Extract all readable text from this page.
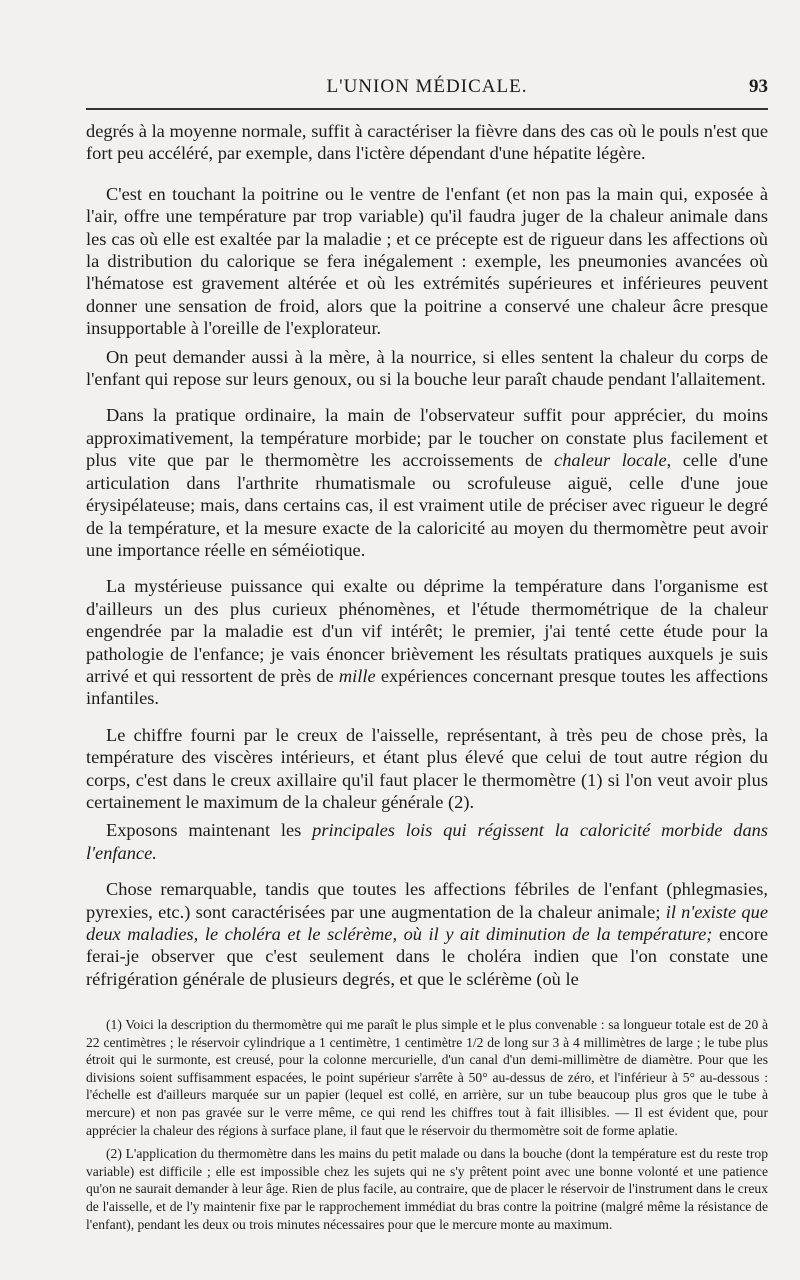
L'UNION MÉDICALE.	93

degrés à la moyenne normale, suffit à caractériser la fièvre dans des cas où le pouls n'est que fort peu accéléré, par exemple, dans l'ictère dépendant d'une hépatite légère.

C'est en touchant la poitrine ou le ventre de l'enfant (et non pas la main qui, exposée à l'air, offre une température par trop variable) qu'il faudra juger de la chaleur animale dans les cas où elle est exaltée par la maladie ; et ce précepte est de rigueur dans les affections où la distribution du calorique se fera inégalement : exemple, les pneumonies avancées où l'hématose est gravement altérée et où les extrémités supérieures et inférieures peuvent donner une sensation de froid, alors que la poitrine a conservé une chaleur âcre presque insupportable à l'oreille de l'explorateur.

On peut demander aussi à la mère, à la nourrice, si elles sentent la chaleur du corps de l'enfant qui repose sur leurs genoux, ou si la bouche leur paraît chaude pendant l'allaitement.

Dans la pratique ordinaire, la main de l'observateur suffit pour apprécier, du moins approximativement, la température morbide; par le toucher on constate plus facilement et plus vite que par le thermomètre les accroissements de chaleur locale, celle d'une articulation dans l'arthrite rhumatismale ou scrofuleuse aiguë, celle d'une joue érysipélateuse; mais, dans certains cas, il est vraiment utile de préciser avec rigueur le degré de la température, et la mesure exacte de la caloricité au moyen du thermomètre peut avoir une importance réelle en séméiotique.

La mystérieuse puissance qui exalte ou déprime la température dans l'organisme est d'ailleurs un des plus curieux phénomènes, et l'étude thermométrique de la chaleur engendrée par la maladie est d'un vif intérêt; le premier, j'ai tenté cette étude pour la pathologie de l'enfance; je vais énoncer brièvement les résultats pratiques auxquels je suis arrivé et qui ressortent de près de mille expériences concernant presque toutes les affections infantiles.

Le chiffre fourni par le creux de l'aisselle, représentant, à très peu de chose près, la température des viscères intérieurs, et étant plus élevé que celui de tout autre région du corps, c'est dans le creux axillaire qu'il faut placer le thermomètre (1) si l'on veut avoir plus certainement le maximum de la chaleur générale (2).

Exposons maintenant les principales lois qui régissent la caloricité morbide dans l'enfance.

Chose remarquable, tandis que toutes les affections fébriles de l'enfant (phlegmasies, pyrexies, etc.) sont caractérisées par une augmentation de la chaleur animale; il n'existe que deux maladies, le choléra et le sclérème, où il y ait diminution de la température; encore ferai-je observer que c'est seulement dans le choléra indien que l'on constate une réfrigération générale de plusieurs degrés, et que le sclérème (où le

(1) Voici la description du thermomètre qui me paraît le plus simple et le plus convenable : sa longueur totale est de 20 à 22 centimètres ; le réservoir cylindrique a 1 centimètre, 1 centimètre 1/2 de long sur 3 à 4 millimètres de large ; le tube plus étroit qui le surmonte, est creusé, pour la colonne mercurielle, d'un canal d'un demi-millimètre de diamètre. Pour que les divisions soient suffisamment espacées, le point supérieur s'arrête à 50° au-dessus de zéro, et l'inférieur à 5° au-dessous : l'échelle est d'ailleurs marquée sur un papier (lequel est collé, en arrière, sur un tube beaucoup plus gros que le tube à mercure) et non pas gravée sur le verre même, ce qui rend les chiffres tout à fait illisibles. — Il est évident que, pour apprécier la chaleur des régions à surface plane, il faut que le réservoir du thermomètre soit de forme aplatie.

(2) L'application du thermomètre dans les mains du petit malade ou dans la bouche (dont la température est du reste trop variable) est difficile ; elle est impossible chez les sujets qui ne s'y prêtent point avec une bonne volonté et une patience qu'on ne saurait demander à leur âge. Rien de plus facile, au contraire, que de placer le réservoir de l'instrument dans le creux de l'aisselle, et de l'y maintenir fixe par le rapprochement immédiat du bras contre la poitrine (malgré même la résistance de l'enfant), pendant les deux ou trois minutes nécessaires pour que le mercure monte au maximum.
